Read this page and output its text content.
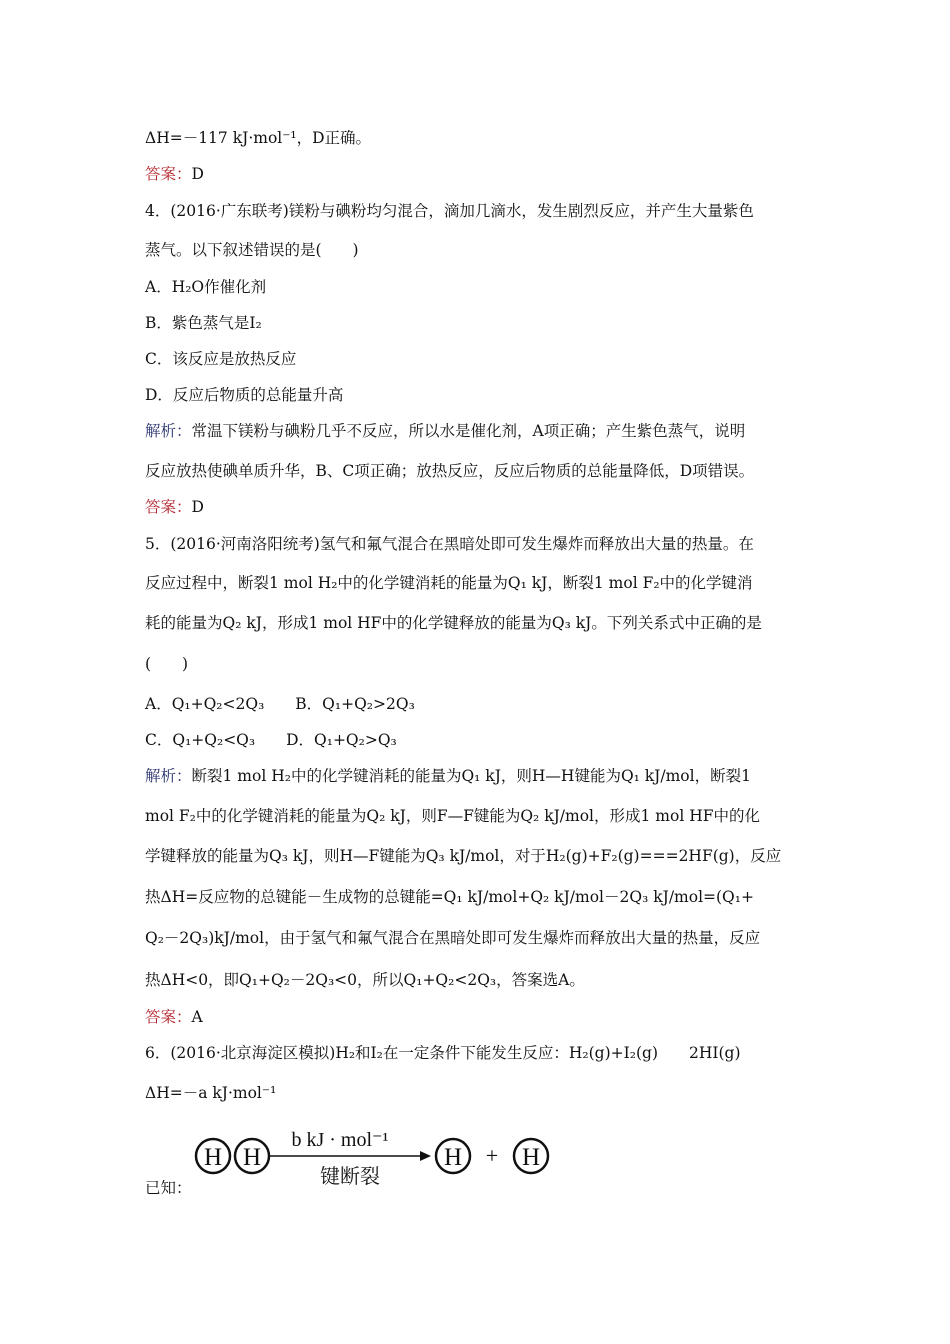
ΔH=－117 kJ·mol⁻¹，D正确。
答案：D
4．(2016·广东联考)镁粉与碘粉均匀混合，滴加几滴水，发生剧烈反应，并产生大量紫色
蒸气。以下叙述错误的是(　　)
A．H₂O作催化剂
B．紫色蒸气是I₂
C．该反应是放热反应
D．反应后物质的总能量升高
解析：常温下镁粉与碘粉几乎不反应，所以水是催化剂，A项正确；产生紫色蒸气，说明
反应放热使碘单质升华，B、C项正确；放热反应，反应后物质的总能量降低，D项错误。
答案：D
5．(2016·河南洛阳统考)氢气和氟气混合在黑暗处即可发生爆炸而释放出大量的热量。在
反应过程中，断裂1 mol H₂中的化学键消耗的能量为Q₁ kJ，断裂1 mol F₂中的化学键消
耗的能量为Q₂ kJ，形成1 mol HF中的化学键释放的能量为Q₃ kJ。下列关系式中正确的是
(　　)
A．Q₁+Q₂<2Q₃　　B．Q₁+Q₂>2Q₃
C．Q₁+Q₂<Q₃　　D．Q₁+Q₂>Q₃
解析：断裂1 mol H₂中的化学键消耗的能量为Q₁ kJ，则H—H键能为Q₁ kJ/mol，断裂1
mol F₂中的化学键消耗的能量为Q₂ kJ，则F—F键能为Q₂ kJ/mol，形成1 mol HF中的化
学键释放的能量为Q₃ kJ，则H—F键能为Q₃ kJ/mol，对于H₂(g)+F₂(g)===2HF(g)，反应
热ΔH=反应物的总键能－生成物的总键能=Q₁ kJ/mol+Q₂ kJ/mol－2Q₃ kJ/mol=(Q₁+
Q₂－2Q₃)kJ/mol，由于氢气和氟气混合在黑暗处即可发生爆炸而释放出大量的热量，反应
热ΔH<0，即Q₁+Q₂－2Q₃<0，所以Q₁+Q₂<2Q₃，答案选A。
答案：A
6．(2016·北京海淀区模拟)H₂和I₂在一定条件下能发生反应：H₂(g)+I₂(g)　　2HI(g)
ΔH=－a kJ·mol⁻¹
已知：
H H
b kJ · mol⁻¹
键断裂
H + H
